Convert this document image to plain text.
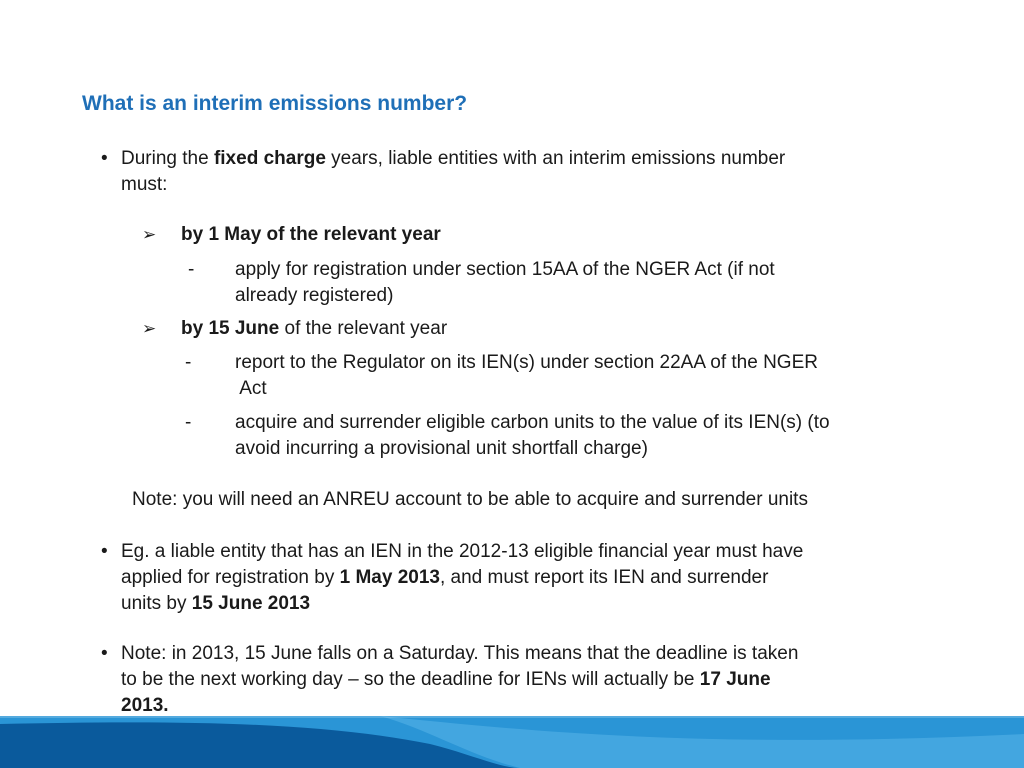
What is an interim emissions number?
• During the fixed charge years, liable entities with an interim emissions number
must:
➢ by 1 May of the relevant year
- apply for registration under section 15AA of the NGER Act (if not
already registered)
➢ by 15 June of the relevant year
- report to the Regulator on its IEN(s) under section 22AA of the NGER
Act
- acquire and surrender eligible carbon units to the value of its IEN(s) (to
avoid incurring a provisional unit shortfall charge)
Note: you will need an ANREU account to be able to acquire and surrender units
• Eg. a liable entity that has an IEN in the 2012-13 eligible financial year must have
applied for registration by 1 May 2013, and must report its IEN and surrender
units by 15 June 2013
• Note: in 2013, 15 June falls on a Saturday. This means that the deadline is taken
to be the next working day – so the deadline for IENs will actually be 17 June
2013.
